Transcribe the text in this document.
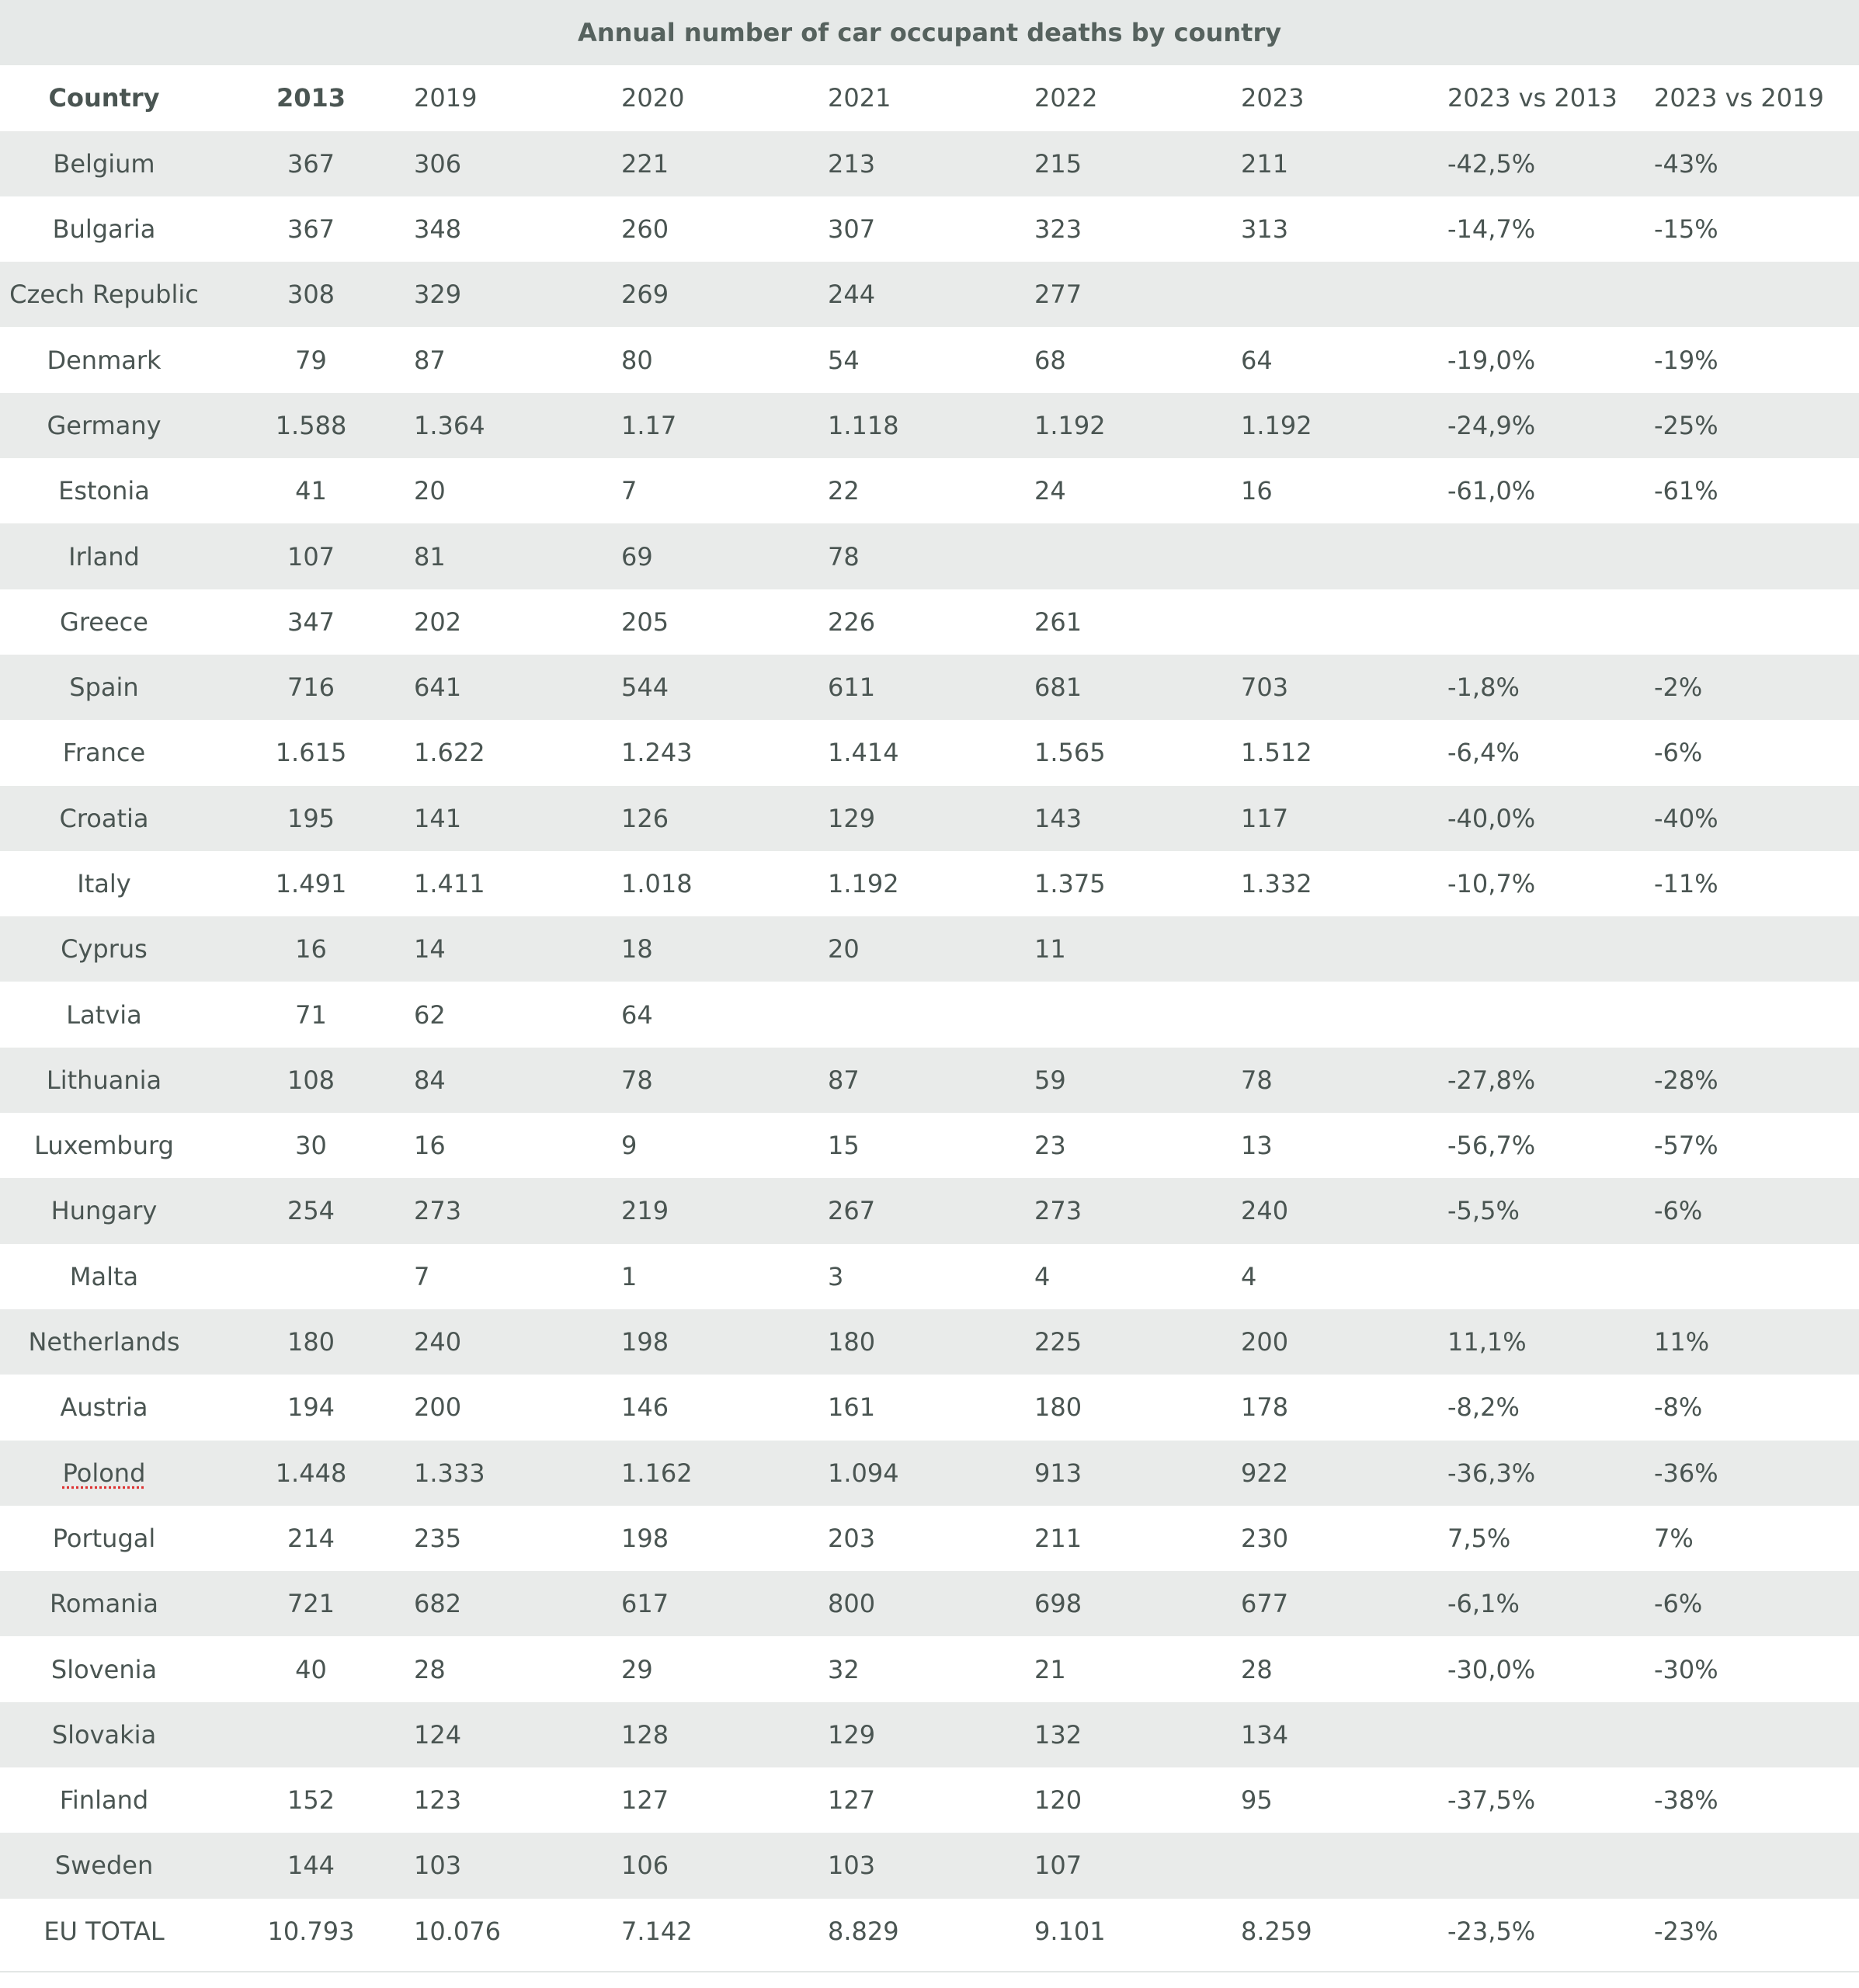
Annual number of car occupant deaths by country								
Country	2013	2019	2020	2021	2022	2023	2023 vs 2013	2023 vs 2019
Belgium	367	306	221	213	215	211	-42,5%	-43%
Bulgaria	367	348	260	307	323	313	-14,7%	-15%
Czech Republic	308	329	269	244	277			
Denmark	79	87	80	54	68	64	-19,0%	-19%
Germany	1.588	1.364	1.17	1.118	1.192	1.192	-24,9%	-25%
Estonia	41	20	7	22	24	16	-61,0%	-61%
Irland	107	81	69	78				
Greece	347	202	205	226	261			
Spain	716	641	544	611	681	703	-1,8%	-2%
France	1.615	1.622	1.243	1.414	1.565	1.512	-6,4%	-6%
Croatia	195	141	126	129	143	117	-40,0%	-40%
Italy	1.491	1.411	1.018	1.192	1.375	1.332	-10,7%	-11%
Cyprus	16	14	18	20	11			
Latvia	71	62	64					
Lithuania	108	84	78	87	59	78	-27,8%	-28%
Luxemburg	30	16	9	15	23	13	-56,7%	-57%
Hungary	254	273	219	267	273	240	-5,5%	-6%
Malta		7	1	3	4	4		
Netherlands	180	240	198	180	225	200	11,1%	11%
Austria	194	200	146	161	180	178	-8,2%	-8%
Polond	1.448	1.333	1.162	1.094	913	922	-36,3%	-36%
Portugal	214	235	198	203	211	230	7,5%	7%
Romania	721	682	617	800	698	677	-6,1%	-6%
Slovenia	40	28	29	32	21	28	-30,0%	-30%
Slovakia		124	128	129	132	134		
Finland	152	123	127	127	120	95	-37,5%	-38%
Sweden	144	103	106	103	107			
EU TOTAL	10.793	10.076	7.142	8.829	9.101	8.259	-23,5%	-23%
